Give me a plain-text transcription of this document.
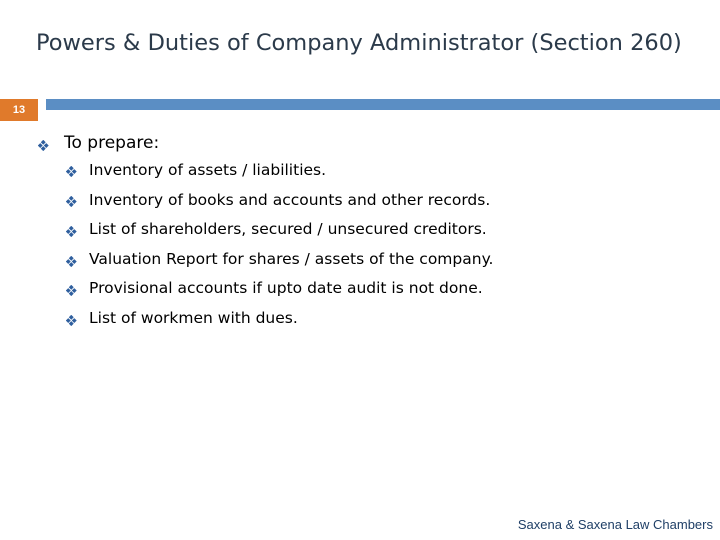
Powers & Duties of Company Administrator (Section 260)
13
To prepare:
Inventory of assets / liabilities.
Inventory of books and accounts and other records.
List of shareholders, secured / unsecured creditors.
Valuation Report for shares / assets of the company.
Provisional accounts if upto date audit is not done.
List of workmen with dues.
Saxena & Saxena Law Chambers
